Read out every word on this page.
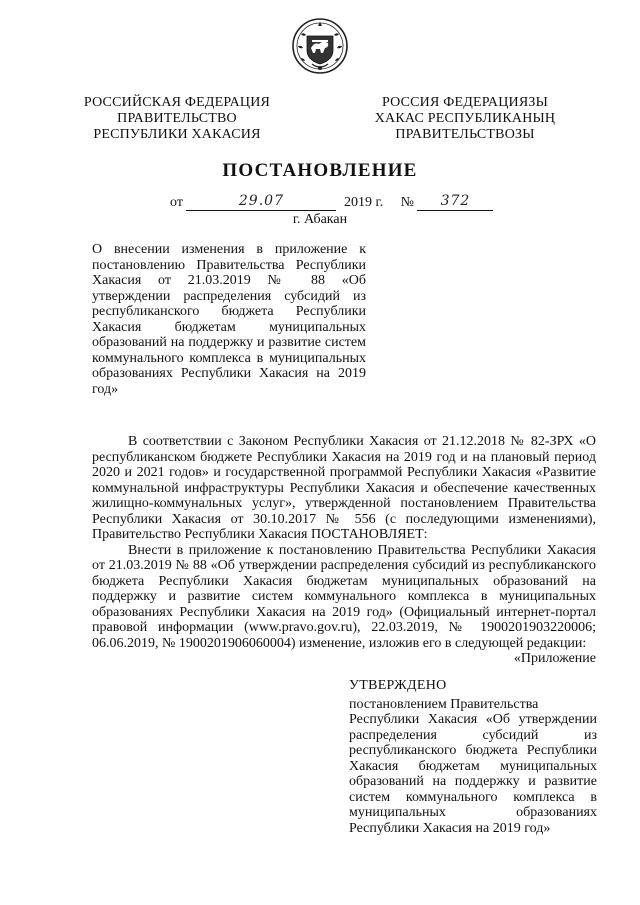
РОССИЙСКАЯ ФЕДЕРАЦИЯ
ПРАВИТЕЛЬСТВО
РЕСПУБЛИКИ ХАКАСИЯ
РОССИЯ ФЕДЕРАЦИЯЗЫ
ХАКАС РЕСПУБЛИКАНЫҢ
ПРАВИТЕЛЬСТВОЗЫ
ПОСТАНОВЛЕНИЕ
от	29.07	2019 г. №	372
г. Абакан
О внесении изменения в приложение к постановлению Правительства Республики Хакасия от 21.03.2019 № 88 «Об утверждении распределения субсидий из республиканского бюджета Республики Хакасия бюджетам муниципальных образований на поддержку и развитие систем коммунального комплекса в муниципальных образованиях Республики Хакасия на 2019 год»

В соответствии с Законом Республики Хакасия от 21.12.2018 № 82-ЗРХ «О республиканском бюджете Республики Хакасия на 2019 год и на плановый период 2020 и 2021 годов» и государственной программой Республики Хакасия «Развитие коммунальной инфраструктуры Республики Хакасия и обеспечение качественных жилищно-коммунальных услуг», утвержденной постановлением Правительства Республики Хакасия от 30.10.2017 № 556 (с последующими изменениями), Правительство Республики Хакасия ПОСТАНОВЛЯЕТ:

Внести в приложение к постановлению Правительства Республики Хакасия от 21.03.2019 № 88 «Об утверждении распределения субсидий из республиканского бюджета Республики Хакасия бюджетам муниципальных образований на поддержку и развитие систем коммунального комплекса в муниципальных образованиях Республики Хакасия на 2019 год» (Официальный интернет-портал правовой информации (www.pravo.gov.ru), 22.03.2019, № 1900201903220006; 06.06.2019, № 1900201906060004) изменение, изложив его в следующей редакции:

«Приложение

УТВЕРЖДЕНО
постановлением Правительства
Республики Хакасия «Об утверждении распределения субсидий из республиканского бюджета Республики Хакасия бюджетам муниципальных образований на поддержку и развитие систем коммунального комплекса в муниципальных образованиях Республики Хакасия на 2019 год»
